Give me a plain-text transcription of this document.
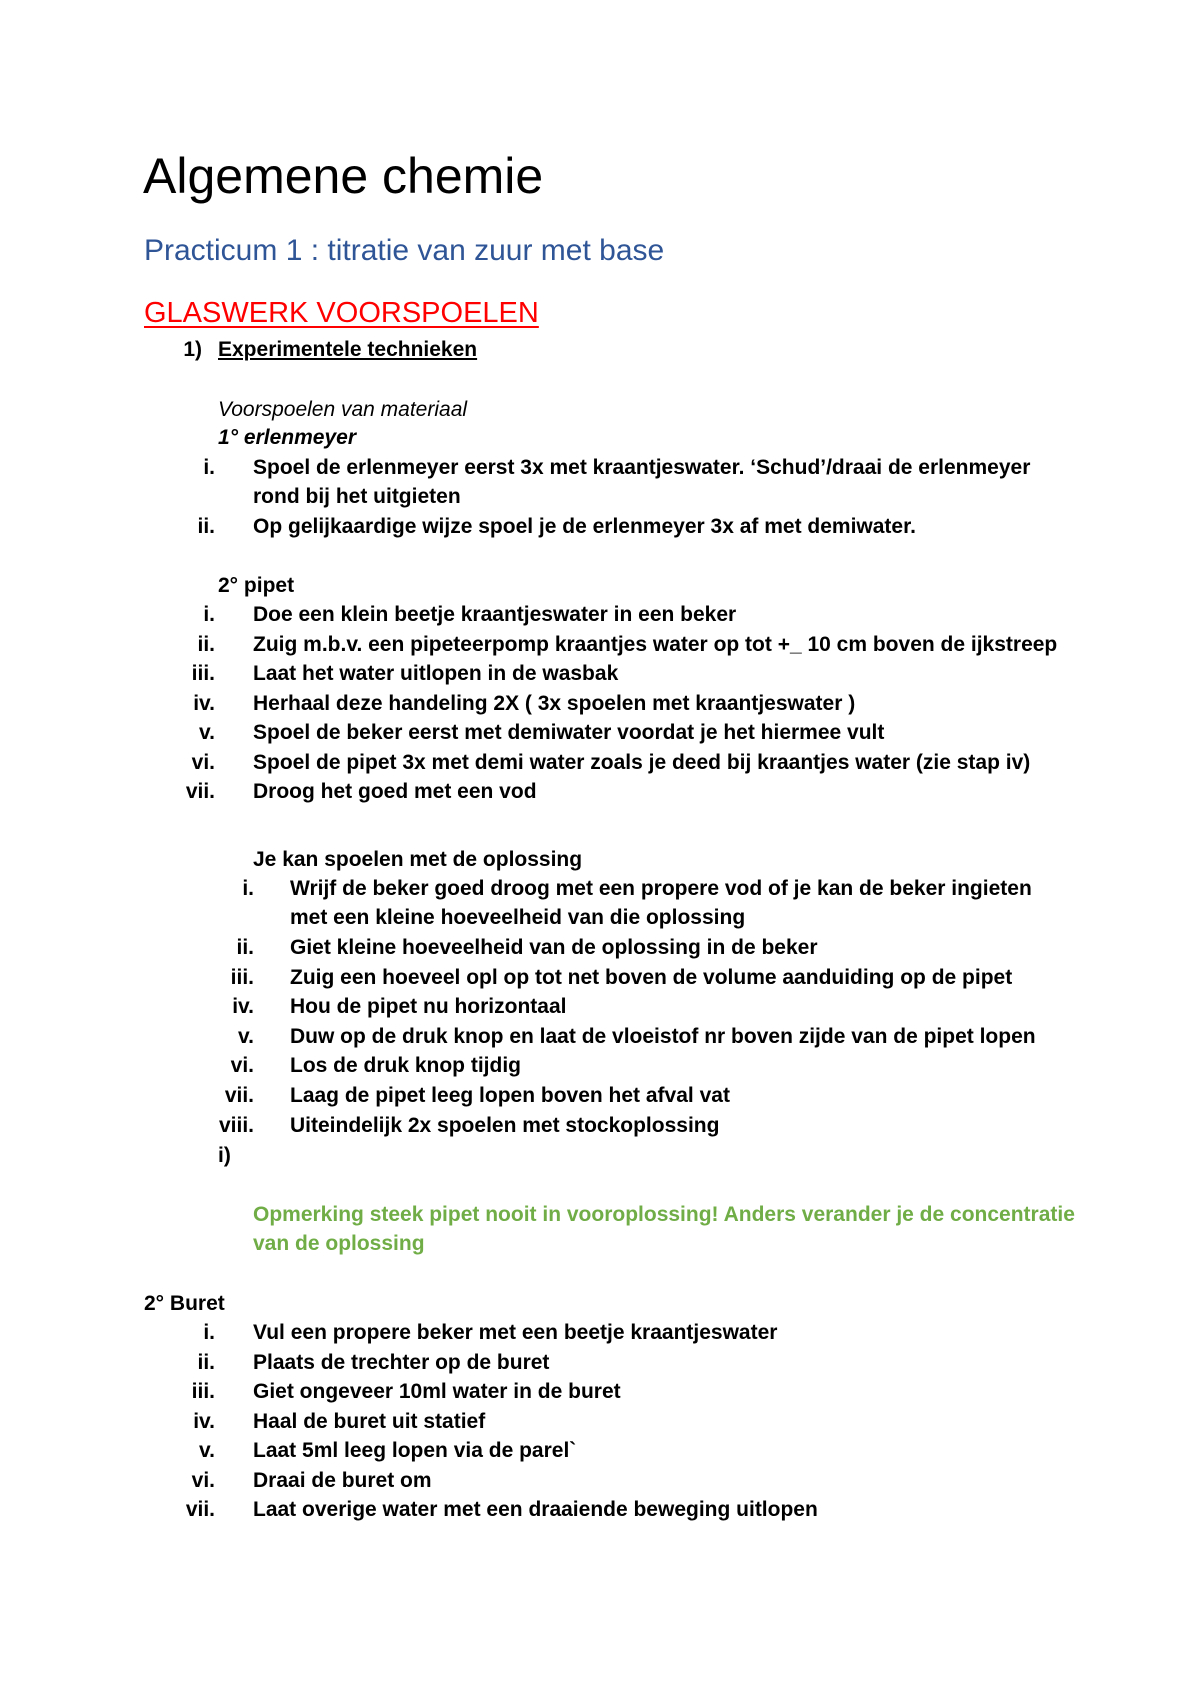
Algemene chemie
Practicum 1 : titratie van zuur met base
GLASWERK VOORSPOELEN
1) Experimentele technieken
Voorspoelen van materiaal
1° erlenmeyer
i. Spoel de erlenmeyer eerst 3x met kraantjeswater. ‘Schud’/draai de erlenmeyer
rond bij het uitgieten
ii. Op gelijkaardige wijze spoel je de erlenmeyer 3x af met demiwater.
2° pipet
i. Doe een klein beetje kraantjeswater in een beker
ii. Zuig m.b.v. een pipeteerpomp kraantjes water op tot +_ 10 cm boven de ijkstreep
iii. Laat het water uitlopen in de wasbak
iv. Herhaal deze handeling 2X ( 3x spoelen met kraantjeswater )
v. Spoel de beker eerst met demiwater voordat je het hiermee vult
vi. Spoel de pipet 3x met demi water zoals je deed bij kraantjes water (zie stap iv)
vii. Droog het goed met een vod
Je kan spoelen met de oplossing
i. Wrijf de beker goed droog met een propere vod of je kan de beker ingieten
met een kleine hoeveelheid van die oplossing
ii. Giet kleine hoeveelheid van de oplossing in de beker
iii. Zuig een hoeveel opl op tot net boven de volume aanduiding op de pipet
iv. Hou de pipet nu horizontaal
v. Duw op de druk knop en laat de vloeistof nr boven zijde van de pipet lopen
vi. Los de druk knop tijdig
vii. Laag de pipet leeg lopen boven het afval vat
viii. Uiteindelijk 2x spoelen met stockoplossing
i)
Opmerking steek pipet nooit in vooroplossing! Anders verander je de concentratie
van de oplossing
2° Buret
i. Vul een propere beker met een beetje kraantjeswater
ii. Plaats de trechter op de buret
iii. Giet ongeveer 10ml water in de buret
iv. Haal de buret uit statief
v. Laat 5ml leeg lopen via de parel`
vi. Draai de buret om
vii. Laat overige water met een draaiende beweging uitlopen
